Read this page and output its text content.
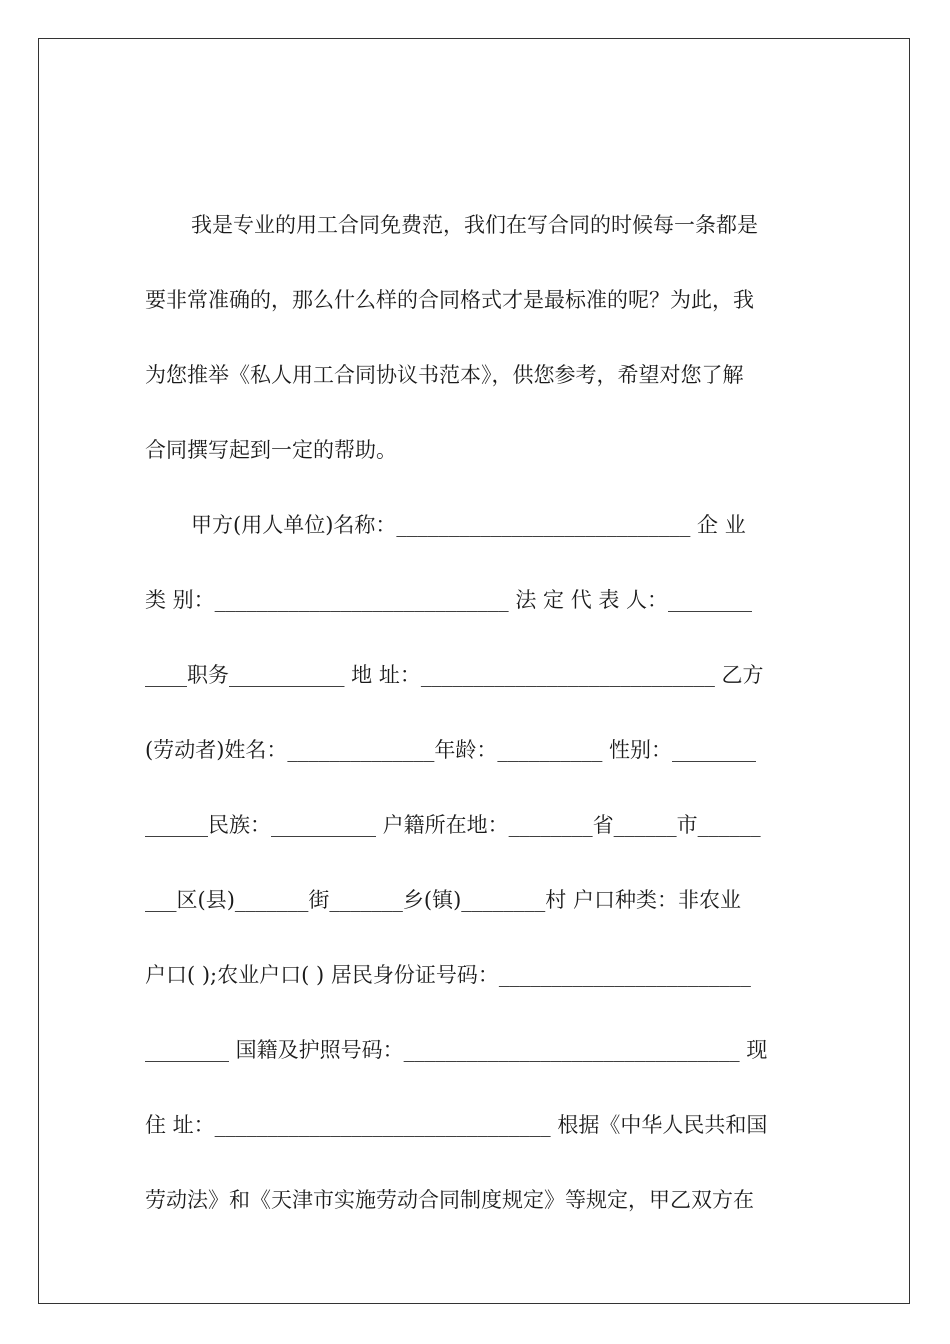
我是专业的用工合同免费范，我们在写合同的时候每一条都是
要非常准确的，那么什么样的合同格式才是最标准的呢？为此，我
为您推举《私人用工合同协议书范本》，供您参考，希望对您了解
合同撰写起到一定的帮助。
甲方(用人单位)名称：____________________________ 企 业
类 别：____________________________ 法 定 代 表 人：________
____职务___________ 地 址：____________________________ 乙方
(劳动者)姓名：______________年龄：__________ 性别：________
______民族：__________ 户籍所在地：________省______市______
___区(县)_______街_______乡(镇)________村 户口种类：非农业
户口( );农业户口( ) 居民身份证号码：________________________
________ 国籍及护照号码：________________________________ 现
住 址：________________________________ 根据《中华人民共和国
劳动法》和《天津市实施劳动合同制度规定》等规定，甲乙双方在
